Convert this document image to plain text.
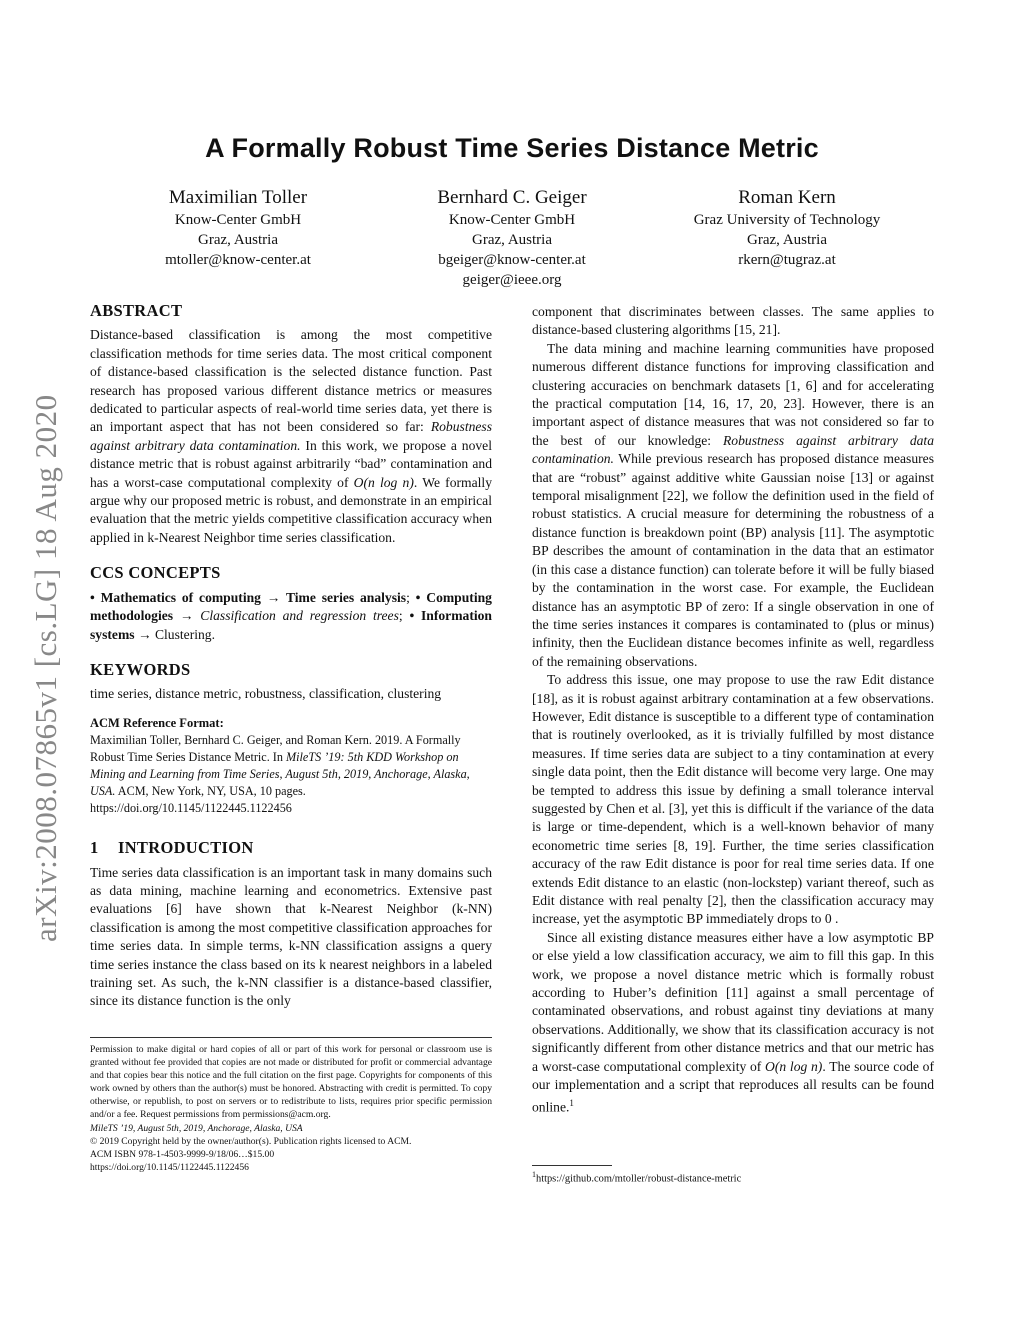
A Formally Robust Time Series Distance Metric
Maximilian Toller
Know-Center GmbH
Graz, Austria
mtoller@know-center.at
Bernhard C. Geiger
Know-Center GmbH
Graz, Austria
bgeiger@know-center.at
geiger@ieee.org
Roman Kern
Graz University of Technology
Graz, Austria
rkern@tugraz.at
arXiv:2008.07865v1 [cs.LG] 18 Aug 2020
ABSTRACT

Distance-based classification is among the most competitive classification methods for time series data. The most critical component of distance-based classification is the selected distance function. Past research has proposed various different distance metrics or measures dedicated to particular aspects of real-world time series data, yet there is an important aspect that has not been considered so far: Robustness against arbitrary data contamination. In this work, we propose a novel distance metric that is robust against arbitrarily “bad” contamination and has a worst-case computational complexity of O(n log n). We formally argue why our proposed metric is robust, and demonstrate in an empirical evaluation that the metric yields competitive classification accuracy when applied in k-Nearest Neighbor time series classification.

CCS CONCEPTS

• Mathematics of computing → Time series analysis; • Computing methodologies → Classification and regression trees; • Information systems → Clustering.

KEYWORDS

time series, distance metric, robustness, classification, clustering

ACM Reference Format:

Maximilian Toller, Bernhard C. Geiger, and Roman Kern. 2019. A Formally Robust Time Series Distance Metric. In MileTS ’19: 5th KDD Workshop on Mining and Learning from Time Series, August 5th, 2019, Anchorage, Alaska, USA. ACM, New York, NY, USA, 10 pages. https://doi.org/10.1145/1122445.1122456

1 INTRODUCTION

Time series data classification is an important task in many domains such as data mining, machine learning and econometrics. Extensive past evaluations [6] have shown that k-Nearest Neighbor (k-NN) classification is among the most competitive classification approaches for time series data. In simple terms, k-NN classification assigns a query time series instance the class based on its k nearest neighbors in a labeled training set. As such, the k-NN classifier is a distance-based classifier, since its distance function is the only

Permission to make digital or hard copies of all or part of this work for personal or classroom use is granted without fee provided that copies are not made or distributed for profit or commercial advantage and that copies bear this notice and the full citation on the first page. Copyrights for components of this work owned by others than the author(s) must be honored. Abstracting with credit is permitted. To copy otherwise, or republish, to post on servers or to redistribute to lists, requires prior specific permission and/or a fee. Request permissions from permissions@acm.org.
MileTS ’19, August 5th, 2019, Anchorage, Alaska, USA
© 2019 Copyright held by the owner/author(s). Publication rights licensed to ACM.
ACM ISBN 978-1-4503-9999-9/18/06…$15.00
https://doi.org/10.1145/1122445.1122456

component that discriminates between classes. The same applies to distance-based clustering algorithms [15, 21].

The data mining and machine learning communities have proposed numerous different distance functions for improving classification and clustering accuracies on benchmark datasets [1, 6] and for accelerating the practical computation [14, 16, 17, 20, 23]. However, there is an important aspect of distance measures that was not considered so far to the best of our knowledge: Robustness against arbitrary data contamination. While previous research has proposed distance measures that are “robust” against additive white Gaussian noise [13] or against temporal misalignment [22], we follow the definition used in the field of robust statistics. A crucial measure for determining the robustness of a distance function is breakdown point (BP) analysis [11]. The asymptotic BP describes the amount of contamination in the data that an estimator (in this case a distance function) can tolerate before it will be fully biased by the contamination in the worst case. For example, the Euclidean distance has an asymptotic BP of zero: If a single observation in one of the time series instances it compares is contaminated to (plus or minus) infinity, then the Euclidean distance becomes infinite as well, regardless of the remaining observations.

To address this issue, one may propose to use the raw Edit distance [18], as it is robust against arbitrary contamination at a few observations. However, Edit distance is susceptible to a different type of contamination that is routinely overlooked, as it is trivially fulfilled by most distance measures. If time series data are subject to a tiny contamination at every single data point, then the Edit distance will become very large. One may be tempted to address this issue by defining a small tolerance interval suggested by Chen et al. [3], yet this is difficult if the variance of the data is large or time-dependent, which is a well-known behavior of many econometric time series [8, 19]. Further, the time series classification accuracy of the raw Edit distance is poor for real time series data. If one extends Edit distance to an elastic (non-lockstep) variant thereof, such as Edit distance with real penalty [2], then the classification accuracy may increase, yet the asymptotic BP immediately drops to 0 .

Since all existing distance measures either have a low asymptotic BP or else yield a low classification accuracy, we aim to fill this gap. In this work, we propose a novel distance metric which is formally robust according to Huber’s definition [11] against a small percentage of contaminated observations, and robust against tiny deviations at many observations. Additionally, we show that its classification accuracy is not significantly different from other distance metrics and that our metric has a worst-case computational complexity of O(n log n). The source code of our implementation and a script that reproduces all results can be found online.$^1$

$^1$https://github.com/mtoller/robust-distance-metric
